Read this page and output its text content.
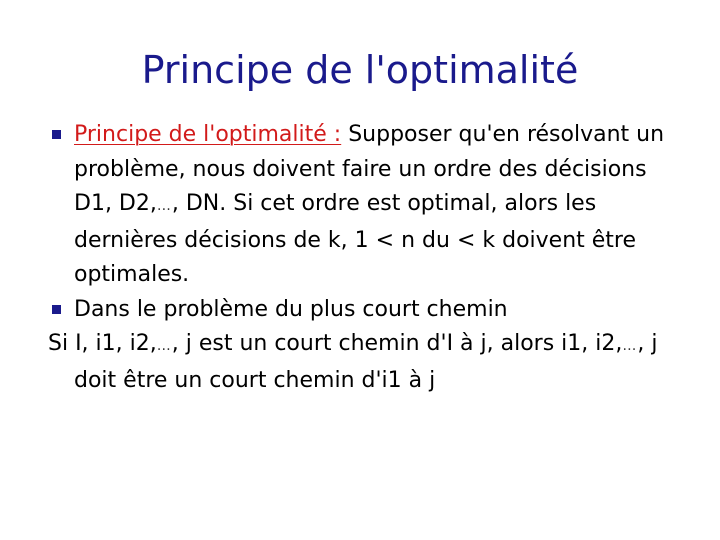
Principe de l'optimalité
Principe de l'optimalité : Supposer qu'en résolvant un problème, nous doivent faire un ordre des décisions D1, D2,…, DN. Si cet ordre est optimal, alors les dernières décisions de k, 1 < n du < k doivent être optimales.
Dans le problème du plus court chemin
Si I, i1, i2,…, j est un court chemin d'I à j, alors i1, i2,…, j doit être un court chemin d'i1 à j
